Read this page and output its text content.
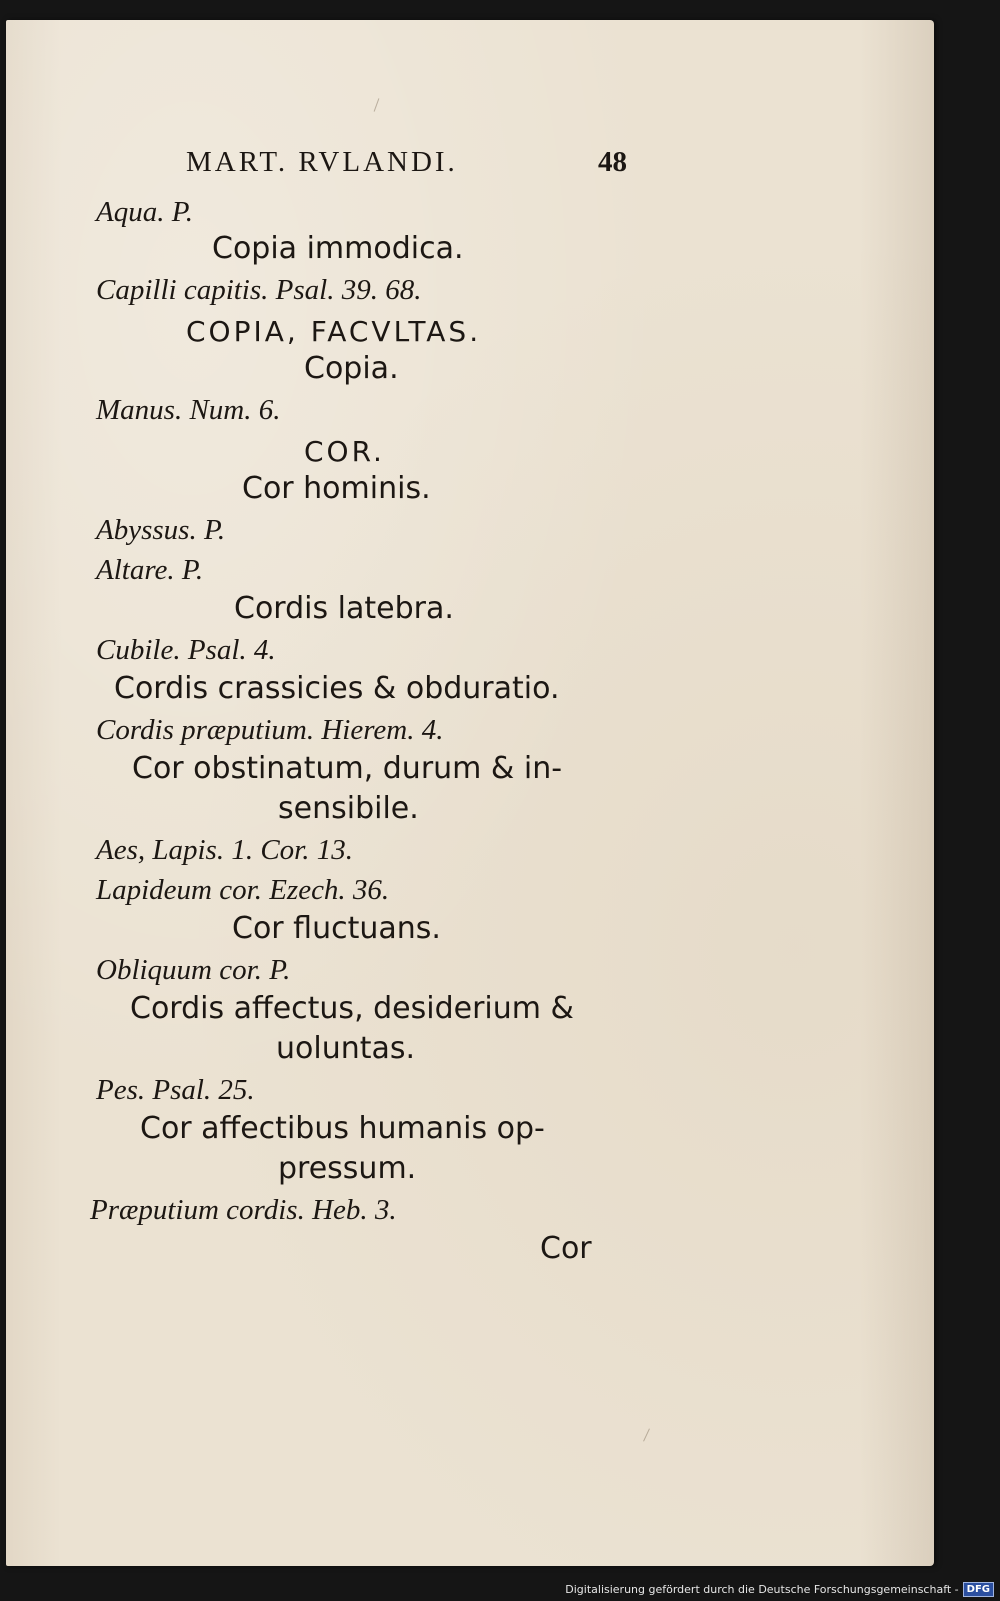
MART. RVLANDI.	48
Aqua. P.
Copia immodica.
Capilli capitis. Psal. 39. 68.
COPIA, FACVLTAS.
Copia.
Manus. Num. 6.
COR.
Cor hominis.
Abyssus. P.
Altare. P.
Cordis latebra.
Cubile. Psal. 4.
Cordis crassicies & obduratio.
Cordis præputium. Hierem. 4.
Cor obstinatum, durum & in-
sensibile.
Aes, Lapis. 1. Cor. 13.
Lapideum cor. Ezech. 36.
Cor fluctuans.
Obliquum cor. P.
Cordis affectus, desiderium &
uoluntas.
Pes. Psal. 25.
Cor affectibus humanis op-
pressum.
Præputium cordis. Heb. 3.
Cor
Digitalisierung gefördert durch die Deutsche Forschungsgemeinschaft - DFG
